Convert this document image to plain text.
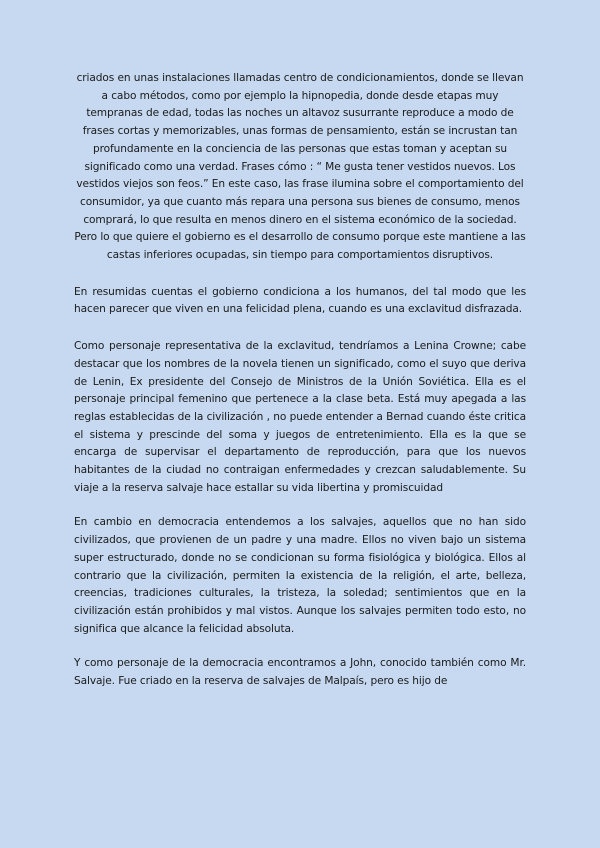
criados en unas instalaciones llamadas centro de condicionamientos, donde se llevan a cabo métodos, como por ejemplo la hipnopedia, donde desde etapas muy tempranas de edad, todas las noches un altavoz susurrante reproduce a modo de frases cortas y memorizables, unas formas de pensamiento, están se incrustan tan profundamente en la conciencia de las personas que estas toman y aceptan su significado como una verdad. Frases cómo : “ Me gusta tener vestidos nuevos. Los vestidos viejos son feos.” En este caso, las frase ilumina sobre el comportamiento del consumidor, ya que cuanto más repara una persona sus bienes de consumo, menos comprará, lo que resulta en menos dinero en el sistema económico de la sociedad. Pero lo que quiere el gobierno es el desarrollo de consumo porque este mantiene a las castas inferiores ocupadas, sin tiempo para comportamientos disruptivos.

En resumidas cuentas el gobierno condiciona a los humanos, del tal modo que les hacen parecer que viven en una felicidad plena, cuando es una exclavitud disfrazada.

Como personaje representativa de la exclavitud, tendríamos a Lenina Crowne; cabe destacar que los nombres de la novela tienen un significado, como el suyo que deriva de Lenin, Ex presidente del Consejo de Ministros de la Unión Soviética. Ella es el personaje principal femenino que pertenece a la clase beta. Está muy apegada a las reglas establecidas de la civilización , no puede entender a Bernad cuando éste critica el sistema y prescinde del soma y juegos de entretenimiento. Ella es la que se encarga de supervisar el departamento de reproducción, para que los nuevos habitantes de la ciudad no contraigan enfermedades y crezcan saludablemente. Su viaje a la reserva salvaje hace estallar su vida libertina y promiscuidad

En cambio en democracia entendemos a los salvajes, aquellos que no han sido civilizados, que provienen de un padre y una madre. Ellos no viven bajo un sistema super estructurado, donde no se condicionan su forma fisiológica y biológica. Ellos al contrario que la civilización, permiten la existencia de la religión, el arte, belleza, creencias, tradiciones culturales, la tristeza, la soledad; sentimientos que en la civilización están prohibidos y mal vistos. Aunque los salvajes permiten todo esto, no significa que alcance la felicidad absoluta.

Y como personaje de la democracia encontramos a John, conocido también como Mr. Salvaje. Fue criado en la reserva de salvajes de Malpaís, pero es hijo de
